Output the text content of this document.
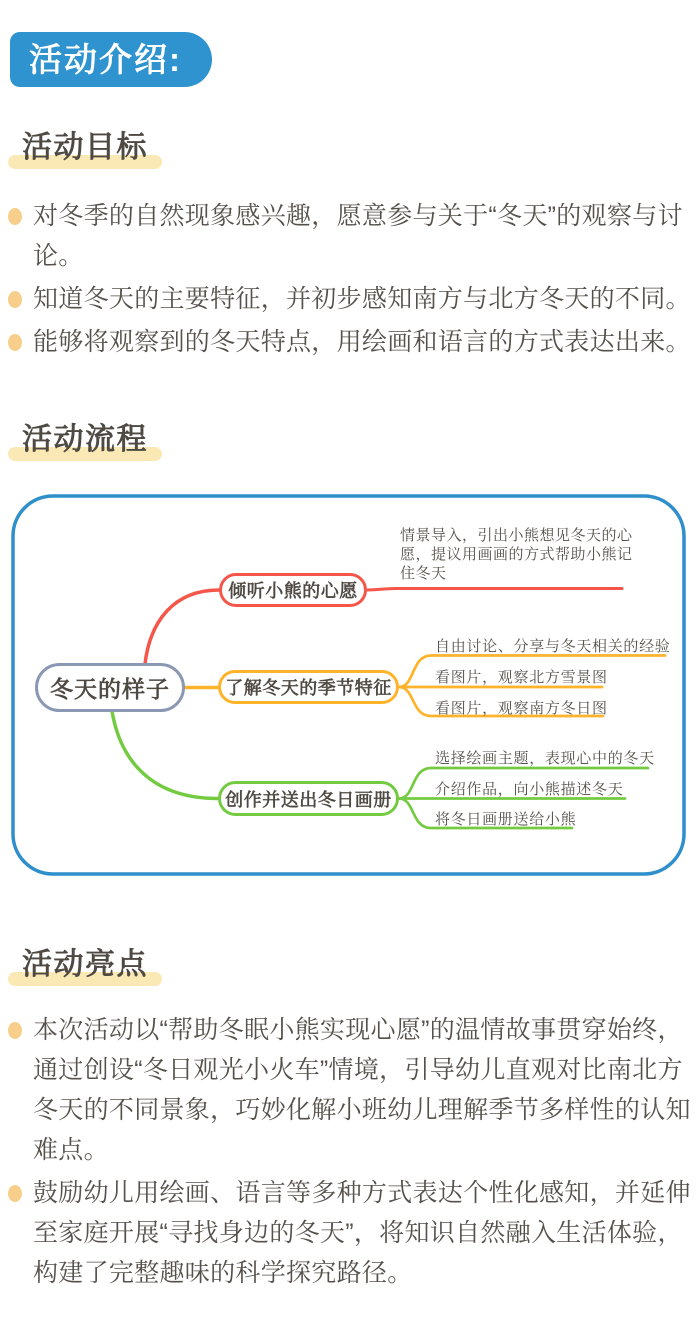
活动介绍:
活动目标
对冬季的自然现象感兴趣，愿意参与关于“冬天”的观察与讨论。
知道冬天的主要特征，并初步感知南方与北方冬天的不同。
能够将观察到的冬天特点，用绘画和语言的方式表达出来。
活动流程
冬天的样子
倾听小熊的心愿
情景导入，引出小熊想见冬天的心愿，提议用画画的方式帮助小熊记住冬天
了解冬天的季节特征
自由讨论、分享与冬天相关的经验
看图片，观察北方雪景图
看图片，观察南方冬日图
创作并送出冬日画册
选择绘画主题，表现心中的冬天
介绍作品，向小熊描述冬天
将冬日画册送给小熊
活动亮点
本次活动以“帮助冬眠小熊实现心愿”的温情故事贯穿始终，通过创设“冬日观光小火车”情境，引导幼儿直观对比南北方冬天的不同景象，巧妙化解小班幼儿理解季节多样性的认知难点。
鼓励幼儿用绘画、语言等多种方式表达个性化感知，并延伸至家庭开展“寻找身边的冬天”，将知识自然融入生活体验，构建了完整趣味的科学探究路径。
